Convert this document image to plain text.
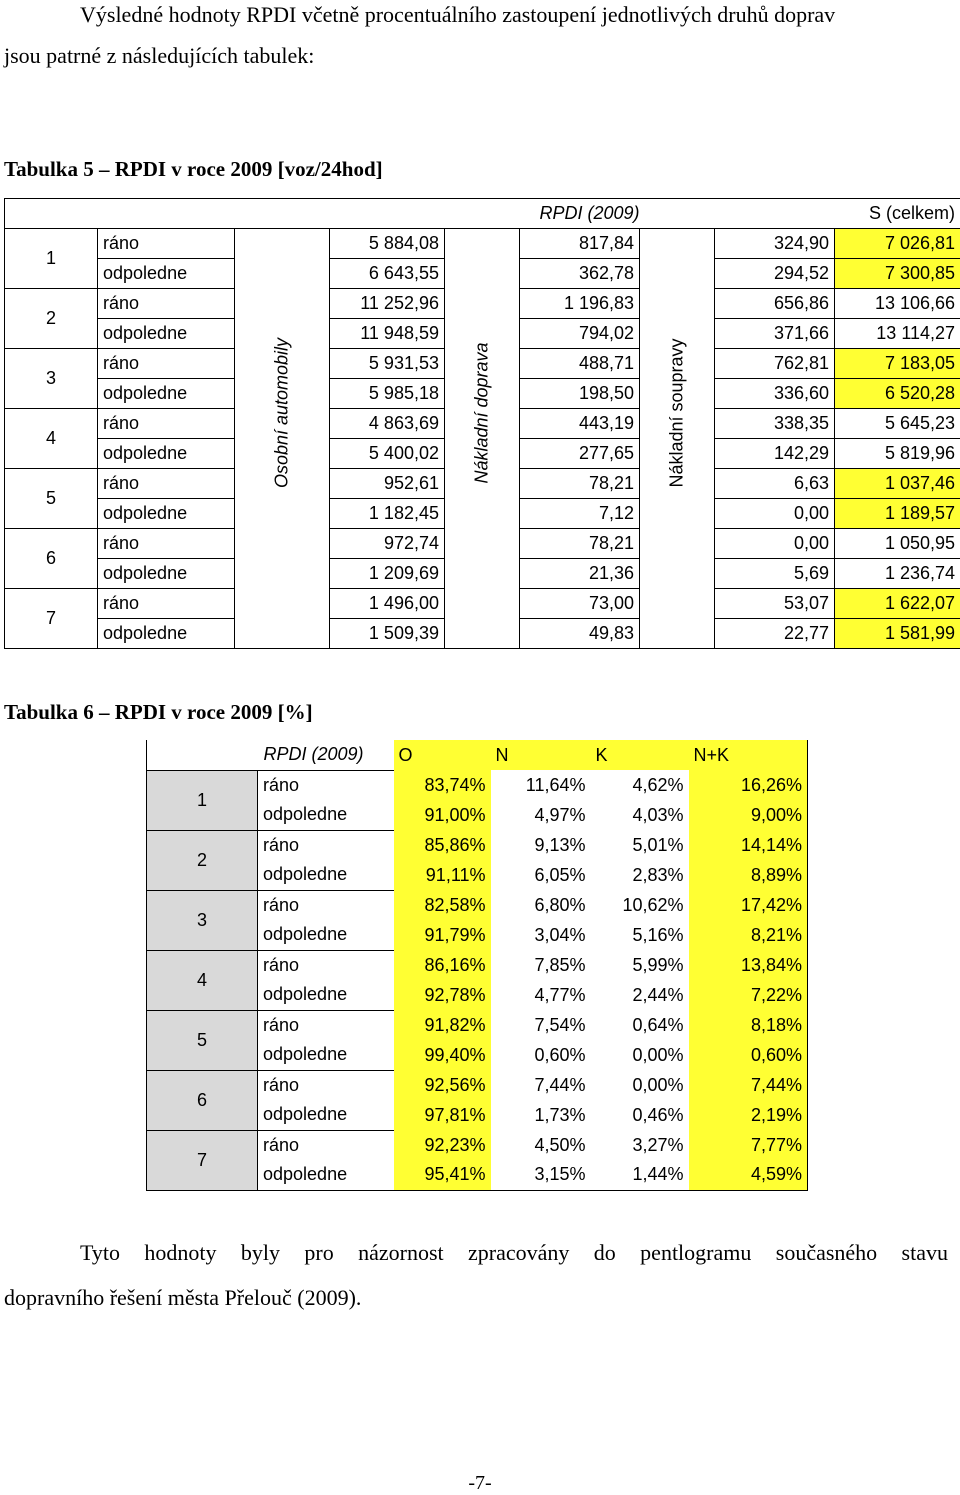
Výsledné hodnoty RPDI včetně procentuálního zastoupení jednotlivých druhů doprav
jsou patrné z následujících tabulek:
Tabulka 5 – RPDI v roce 2009 [voz/24hod]
		RPDI (2009)						S (celkem)
1	ráno	Osobní automobily	5 884,08	Nákladní doprava	817,84	Nákladní soupravy	324,90	7 026,81
	odpoledne		6 643,55		362,78		294,52	7 300,85
2	ráno		11 252,96		1 196,83		656,86	13 106,66
	odpoledne		11 948,59		794,02		371,66	13 114,27
3	ráno		5 931,53		488,71		762,81	7 183,05
	odpoledne		5 985,18		198,50		336,60	6 520,28
4	ráno		4 863,69		443,19		338,35	5 645,23
	odpoledne		5 400,02		277,65		142,29	5 819,96
5	ráno		952,61		78,21		6,63	1 037,46
	odpoledne		1 182,45		7,12		0,00	1 189,57
6	ráno		972,74		78,21		0,00	1 050,95
	odpoledne		1 209,69		21,36		5,69	1 236,74
7	ráno		1 496,00		73,00		53,07	1 622,07
	odpoledne		1 509,39		49,83		22,77	1 581,99
Tabulka 6 – RPDI v roce 2009 [%]
RPDI (2009)		O	N	K	N+K
1	ráno	83,74%	11,64%	4,62%	16,26%
	odpoledne	91,00%	4,97%	4,03%	9,00%
2	ráno	85,86%	9,13%	5,01%	14,14%
	odpoledne	91,11%	6,05%	2,83%	8,89%
3	ráno	82,58%	6,80%	10,62%	17,42%
	odpoledne	91,79%	3,04%	5,16%	8,21%
4	ráno	86,16%	7,85%	5,99%	13,84%
	odpoledne	92,78%	4,77%	2,44%	7,22%
5	ráno	91,82%	7,54%	0,64%	8,18%
	odpoledne	99,40%	0,60%	0,00%	0,60%
6	ráno	92,56%	7,44%	0,00%	7,44%
	odpoledne	97,81%	1,73%	0,46%	2,19%
7	ráno	92,23%	4,50%	3,27%	7,77%
	odpoledne	95,41%	3,15%	1,44%	4,59%
Tyto hodnoty byly pro názornost zpracovány do pentlogramu současného stavu
dopravního řešení města Přelouč (2009).
-7-
